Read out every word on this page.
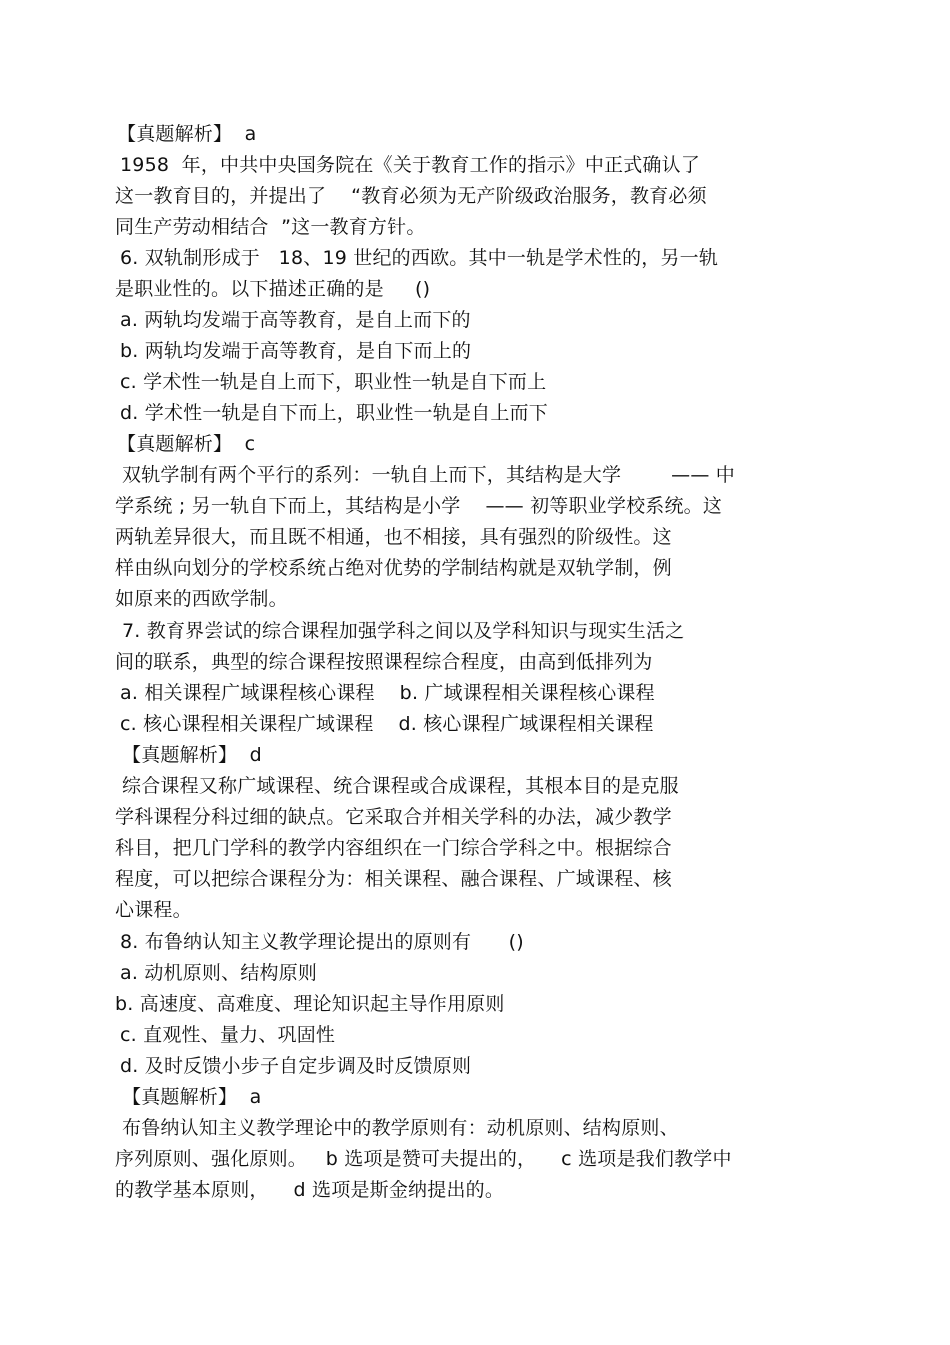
【真题解析】  a
1958  年，中共中央国务院在《关于教育工作的指示》中正式确认了
这一教育目的，并提出了    “教育必须为无产阶级政治服务，教育必须
同生产劳动相结合  ”这一教育方针。
6. 双轨制形成于   18、19 世纪的西欧。其中一轨是学术性的，另一轨
是职业性的。以下描述正确的是     ()
a. 两轨均发端于高等教育，是自上而下的
b. 两轨均发端于高等教育，是自下而上的
c. 学术性一轨是自上而下，职业性一轨是自下而上
d. 学术性一轨是自下而上，职业性一轨是自上而下
【真题解析】  c
双轨学制有两个平行的系列：一轨自上而下，其结构是大学        —— 中
学系统 ; 另一轨自下而上，其结构是小学    —— 初等职业学校系统。这
两轨差异很大，而且既不相通，也不相接，具有强烈的阶级性。这
样由纵向划分的学校系统占绝对优势的学制结构就是双轨学制，例
如原来的西欧学制。
7. 教育界尝试的综合课程加强学科之间以及学科知识与现实生活之
间的联系，典型的综合课程按照课程综合程度，由高到低排列为
a. 相关课程广域课程核心课程    b. 广域课程相关课程核心课程
c. 核心课程相关课程广域课程    d. 核心课程广域课程相关课程
【真题解析】  d
综合课程又称广域课程、统合课程或合成课程，其根本目的是克服
学科课程分科过细的缺点。它采取合并相关学科的办法，减少教学
科目，把几门学科的教学内容组织在一门综合学科之中。根据综合
程度，可以把综合课程分为：相关课程、融合课程、广域课程、核
心课程。
8. 布鲁纳认知主义教学理论提出的原则有      ()
a. 动机原则、结构原则
b. 高速度、高难度、理论知识起主导作用原则
c. 直观性、量力、巩固性
d. 及时反馈小步子自定步调及时反馈原则
【真题解析】  a
布鲁纳认知主义教学理论中的教学原则有：动机原则、结构原则、
序列原则、强化原则。   b 选项是赞可夫提出的，    c 选项是我们教学中
的教学基本原则，    d 选项是斯金纳提出的。
